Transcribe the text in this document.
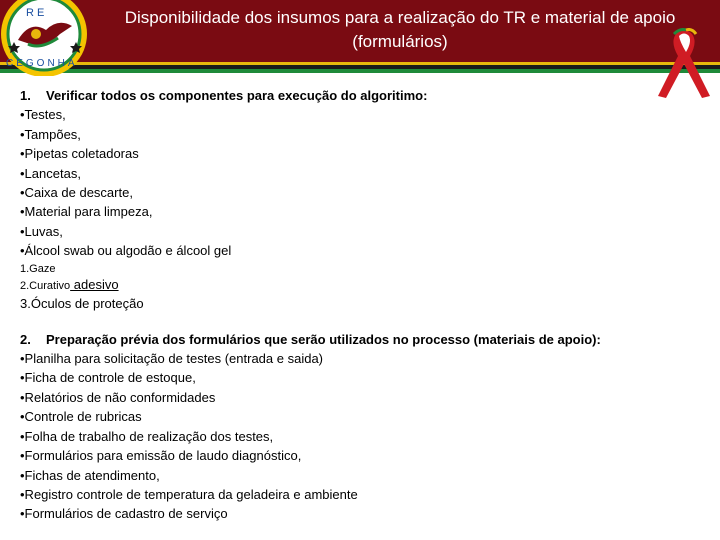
R E
CEGONHA
Disponibilidade dos insumos para a realização do TR e material de apoio
(formulários)
1. Verificar todos os componentes para execução do algoritimo:
•Testes,
•Tampões,
•Pipetas coletadoras
•Lancetas,
•Caixa de descarte,
•Material para limpeza,
•Luvas,
•Álcool swab ou algodão e álcool gel
1.Gaze
2.Curativo adesivo
3.Óculos de proteção
2. Preparação prévia dos formulários que serão utilizados no processo (materiais de apoio):
•Planilha para solicitação de testes (entrada e saida)
•Ficha de controle de estoque,
•Relatórios de não conformidades
•Controle de rubricas
•Folha de trabalho de realização dos testes,
•Formulários para emissão de laudo diagnóstico,
•Fichas de atendimento,
•Registro controle de temperatura da geladeira e ambiente
•Formulários de cadastro de serviço
